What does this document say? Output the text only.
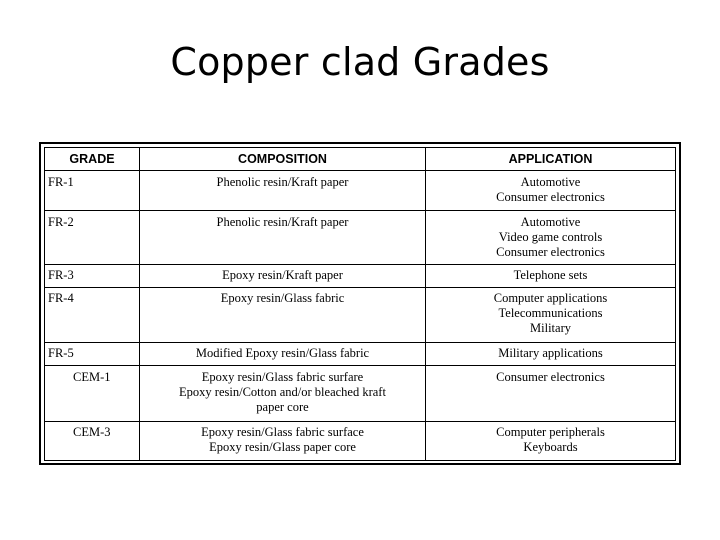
Copper clad Grades
GRADE	COMPOSITION	APPLICATION
FR-1	Phenolic resin/Kraft paper	Automotive
Consumer electronics

FR-2	Phenolic resin/Kraft paper	Automotive
Video game controls
Consumer electronics

FR-3	Epoxy resin/Kraft paper	Telephone sets

FR-4	Epoxy resin/Glass fabric	Computer applications
Telecommunications
Military

FR-5	Modified Epoxy resin/Glass fabric	Military applications

CEM-1	Epoxy resin/Glass fabric surfare
Epoxy resin/Cotton and/or bleached kraft
paper core	Consumer electronics

CEM-3	Epoxy resin/Glass fabric surface
Epoxy resin/Glass paper core	Computer peripherals
Keyboards
